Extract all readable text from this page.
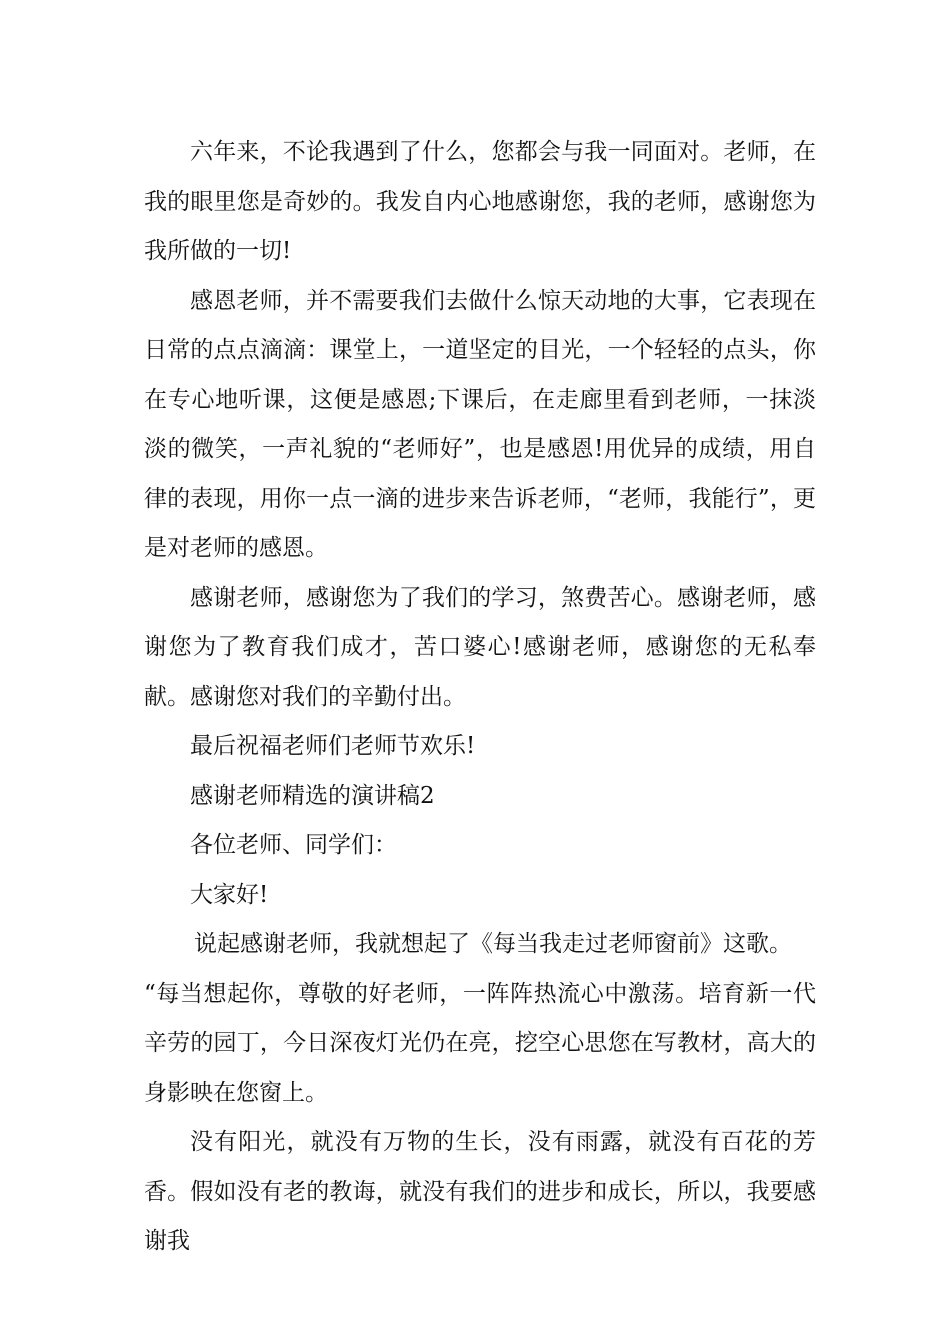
六年来，不论我遇到了什么，您都会与我一同面对。老师，在我的眼里您是奇妙的。我发自内心地感谢您，我的老师，感谢您为我所做的一切!

感恩老师，并不需要我们去做什么惊天动地的大事，它表现在日常的点点滴滴：课堂上，一道坚定的目光，一个轻轻的点头，你在专心地听课，这便是感恩;下课后，在走廊里看到老师，一抹淡淡的微笑，一声礼貌的“老师好”，也是感恩!用优异的成绩，用自律的表现，用你一点一滴的进步来告诉老师，“老师，我能行”，更是对老师的感恩。

感谢老师，感谢您为了我们的学习，煞费苦心。感谢老师，感谢您为了教育我们成才，苦口婆心!感谢老师，感谢您的无私奉献。感谢您对我们的辛勤付出。

最后祝福老师们老师节欢乐!

感谢老师精选的演讲稿2

各位老师、同学们：

大家好!

说起感谢老师，我就想起了《每当我走过老师窗前》这歌。

“每当想起你，尊敬的好老师，一阵阵热流心中激荡。培育新一代辛劳的园丁，今日深夜灯光仍在亮，挖空心思您在写教材，高大的身影映在您窗上。

没有阳光，就没有万物的生长，没有雨露，就没有百花的芳香。假如没有老的教诲，就没有我们的进步和成长，所以，我要感谢我
